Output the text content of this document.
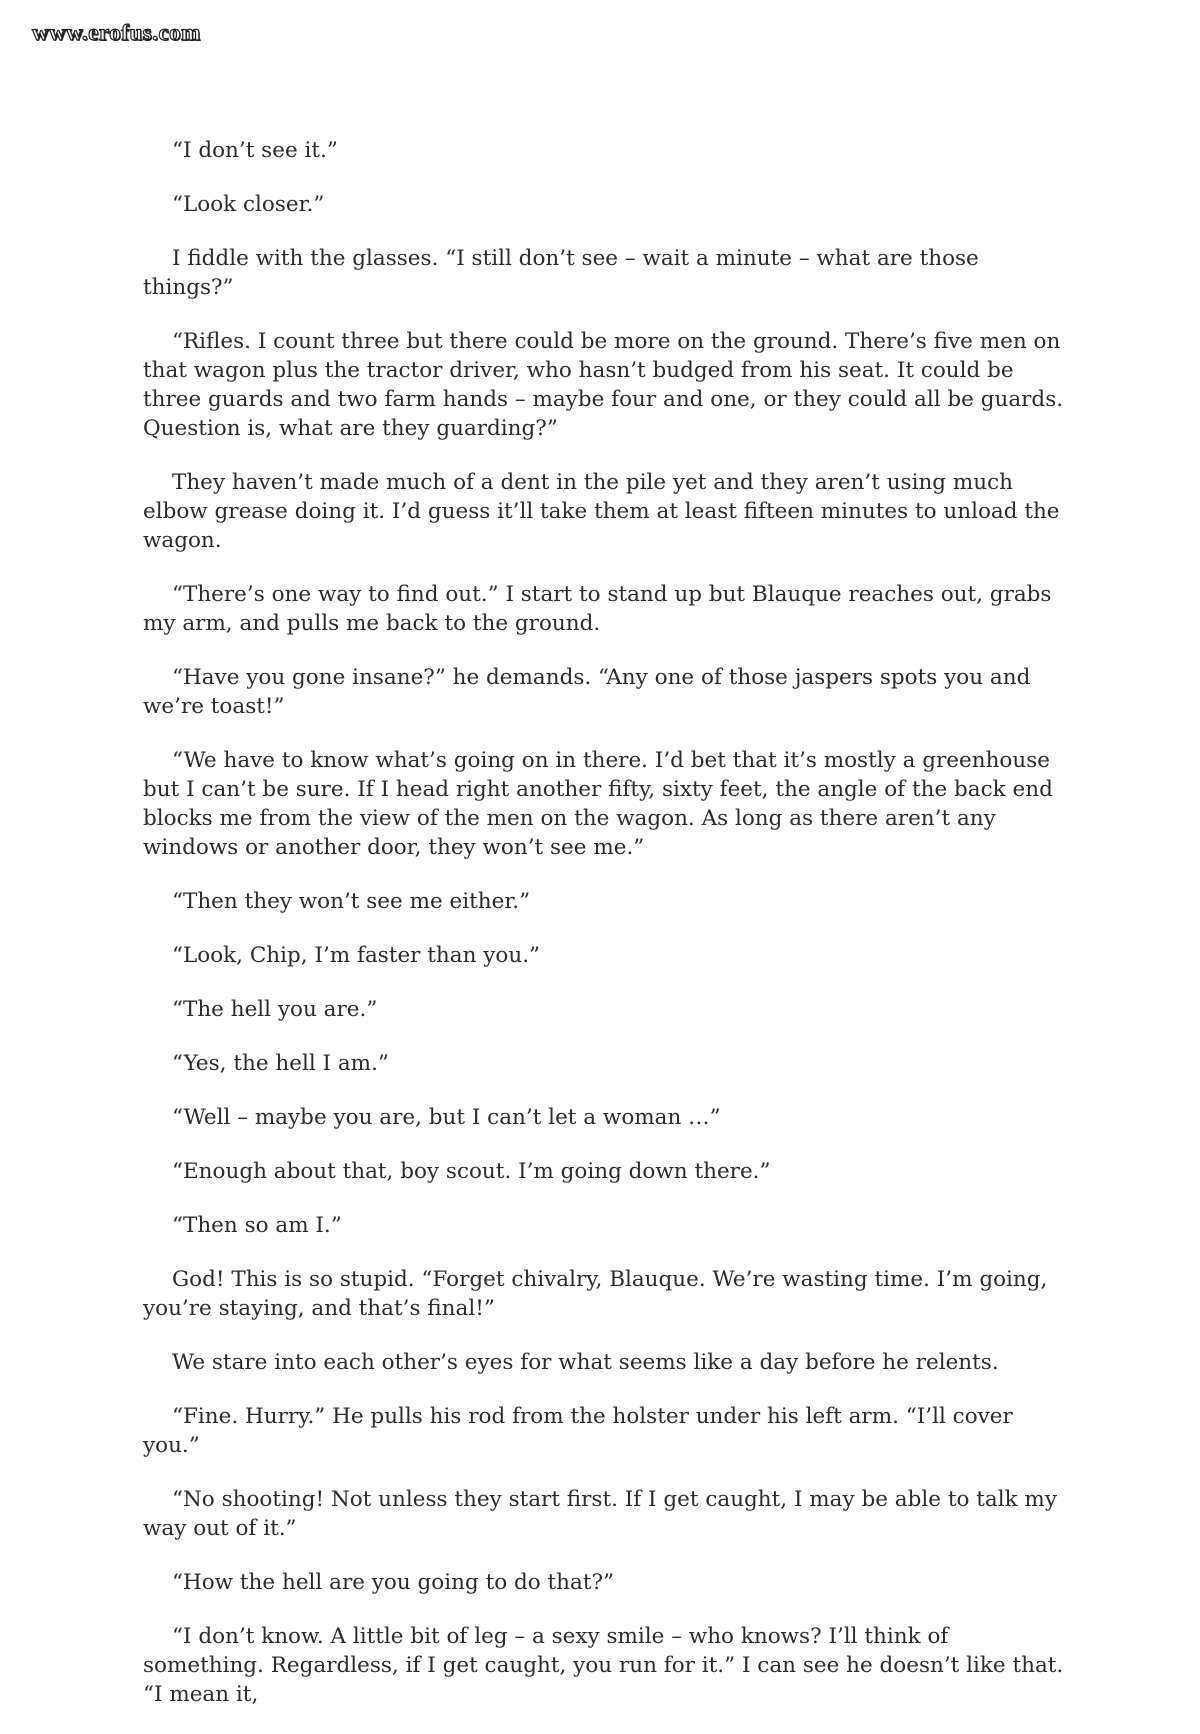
www.erofus.com

“I don’t see it.”

“Look closer.”

I fiddle with the glasses. “I still don’t see – wait a minute – what are those things?”

“Rifles. I count three but there could be more on the ground. There’s five men on that wagon plus the tractor driver, who hasn’t budged from his seat. It could be three guards and two farm hands – maybe four and one, or they could all be guards. Question is, what are they guarding?”

They haven’t made much of a dent in the pile yet and they aren’t using much elbow grease doing it. I’d guess it’ll take them at least fifteen minutes to unload the wagon.

“There’s one way to find out.” I start to stand up but Blauque reaches out, grabs my arm, and pulls me back to the ground.

“Have you gone insane?” he demands. “Any one of those jaspers spots you and we’re toast!”

“We have to know what’s going on in there. I’d bet that it’s mostly a greenhouse but I can’t be sure. If I head right another fifty, sixty feet, the angle of the back end blocks me from the view of the men on the wagon. As long as there aren’t any windows or another door, they won’t see me.”

“Then they won’t see me either.”

“Look, Chip, I’m faster than you.”

“The hell you are.”

“Yes, the hell I am.”

“Well – maybe you are, but I can’t let a woman …”

“Enough about that, boy scout. I’m going down there.”

“Then so am I.”

God! This is so stupid. “Forget chivalry, Blauque. We’re wasting time. I’m going, you’re staying, and that’s final!”

We stare into each other’s eyes for what seems like a day before he relents.

“Fine. Hurry.” He pulls his rod from the holster under his left arm. “I’ll cover you.”

“No shooting! Not unless they start first. If I get caught, I may be able to talk my way out of it.”

“How the hell are you going to do that?”

“I don’t know. A little bit of leg – a sexy smile – who knows? I’ll think of something. Regardless, if I get caught, you run for it.” I can see he doesn’t like that. “I mean it,
